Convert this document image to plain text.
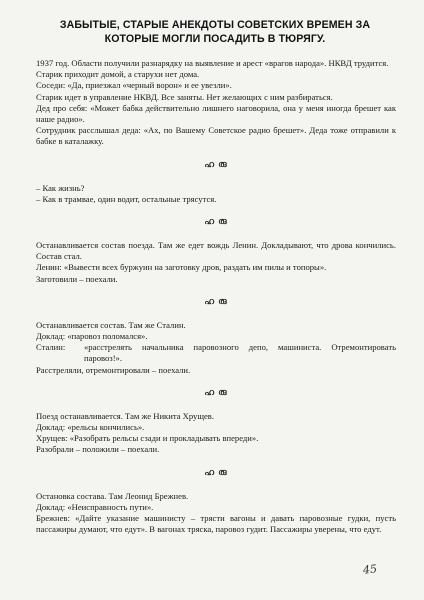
ЗАБЫТЫЕ, СТАРЫЕ АНЕКДОТЫ СОВЕТСКИХ ВРЕМЕН ЗА КОТОРЫЕ МОГЛИ ПОСАДИТЬ В ТЮРЯГУ.

1937 год. Области получили разнарядку на выявление и арест «врагов народа». НКВД трудится.

Старик приходит домой, а старухи нет дома.

Соседи: «Да, приезжал «черный ворон» и ее увезли».

Старик идет в управление НКВД. Все заняты. Нет желающих с ним разбираться.

Дед про себя: «Может бабка действительно лишнего наговорила, она у меня иногда брешет как наше радио».

Сотрудник расслышал деда: «Ах, по Вашему Советское радио брешет». Деда тоже отправили к бабке в каталажку.

ഹ രു

– Как жизнь?

– Как в трамвае, один водит, остальные трясутся.

ഹ രു

Останавливается состав поезда. Там же едет вождь Ленин. Докладывают, что дрова кончились. Состав стал.

Ленин: «Вывести всех буржуин на заготовку дров, раздать им пилы и топоры».

Заготовили – поехали.

ഹ രു

Останавливается состав. Там же Сталин.

Доклад: «паровоз поломался».

Сталин:	«расстрелять начальника паровозного депо, машиниста. Отремонтировать паровоз!».

Расстреляли, отремонтировали – поехали.

ഹ രു

Поезд останавливается. Там же Никита Хрущев.

Доклад: «рельсы кончились».

Хрущев: «Разобрать рельсы сзади и прокладывать впереди».

Разобрали – положили – поехали.

ഹ രു

Остановка состава. Там Леонид Брежнев.

Доклад: «Неисправность пути».

Брежнев: «Дайте указание машинисту – трясти вагоны и давать паровозные гудки, пусть пассажиры думают, что едут». В вагонах тряска, паровоз гудит. Пассажиры уверены, что едут.

45
